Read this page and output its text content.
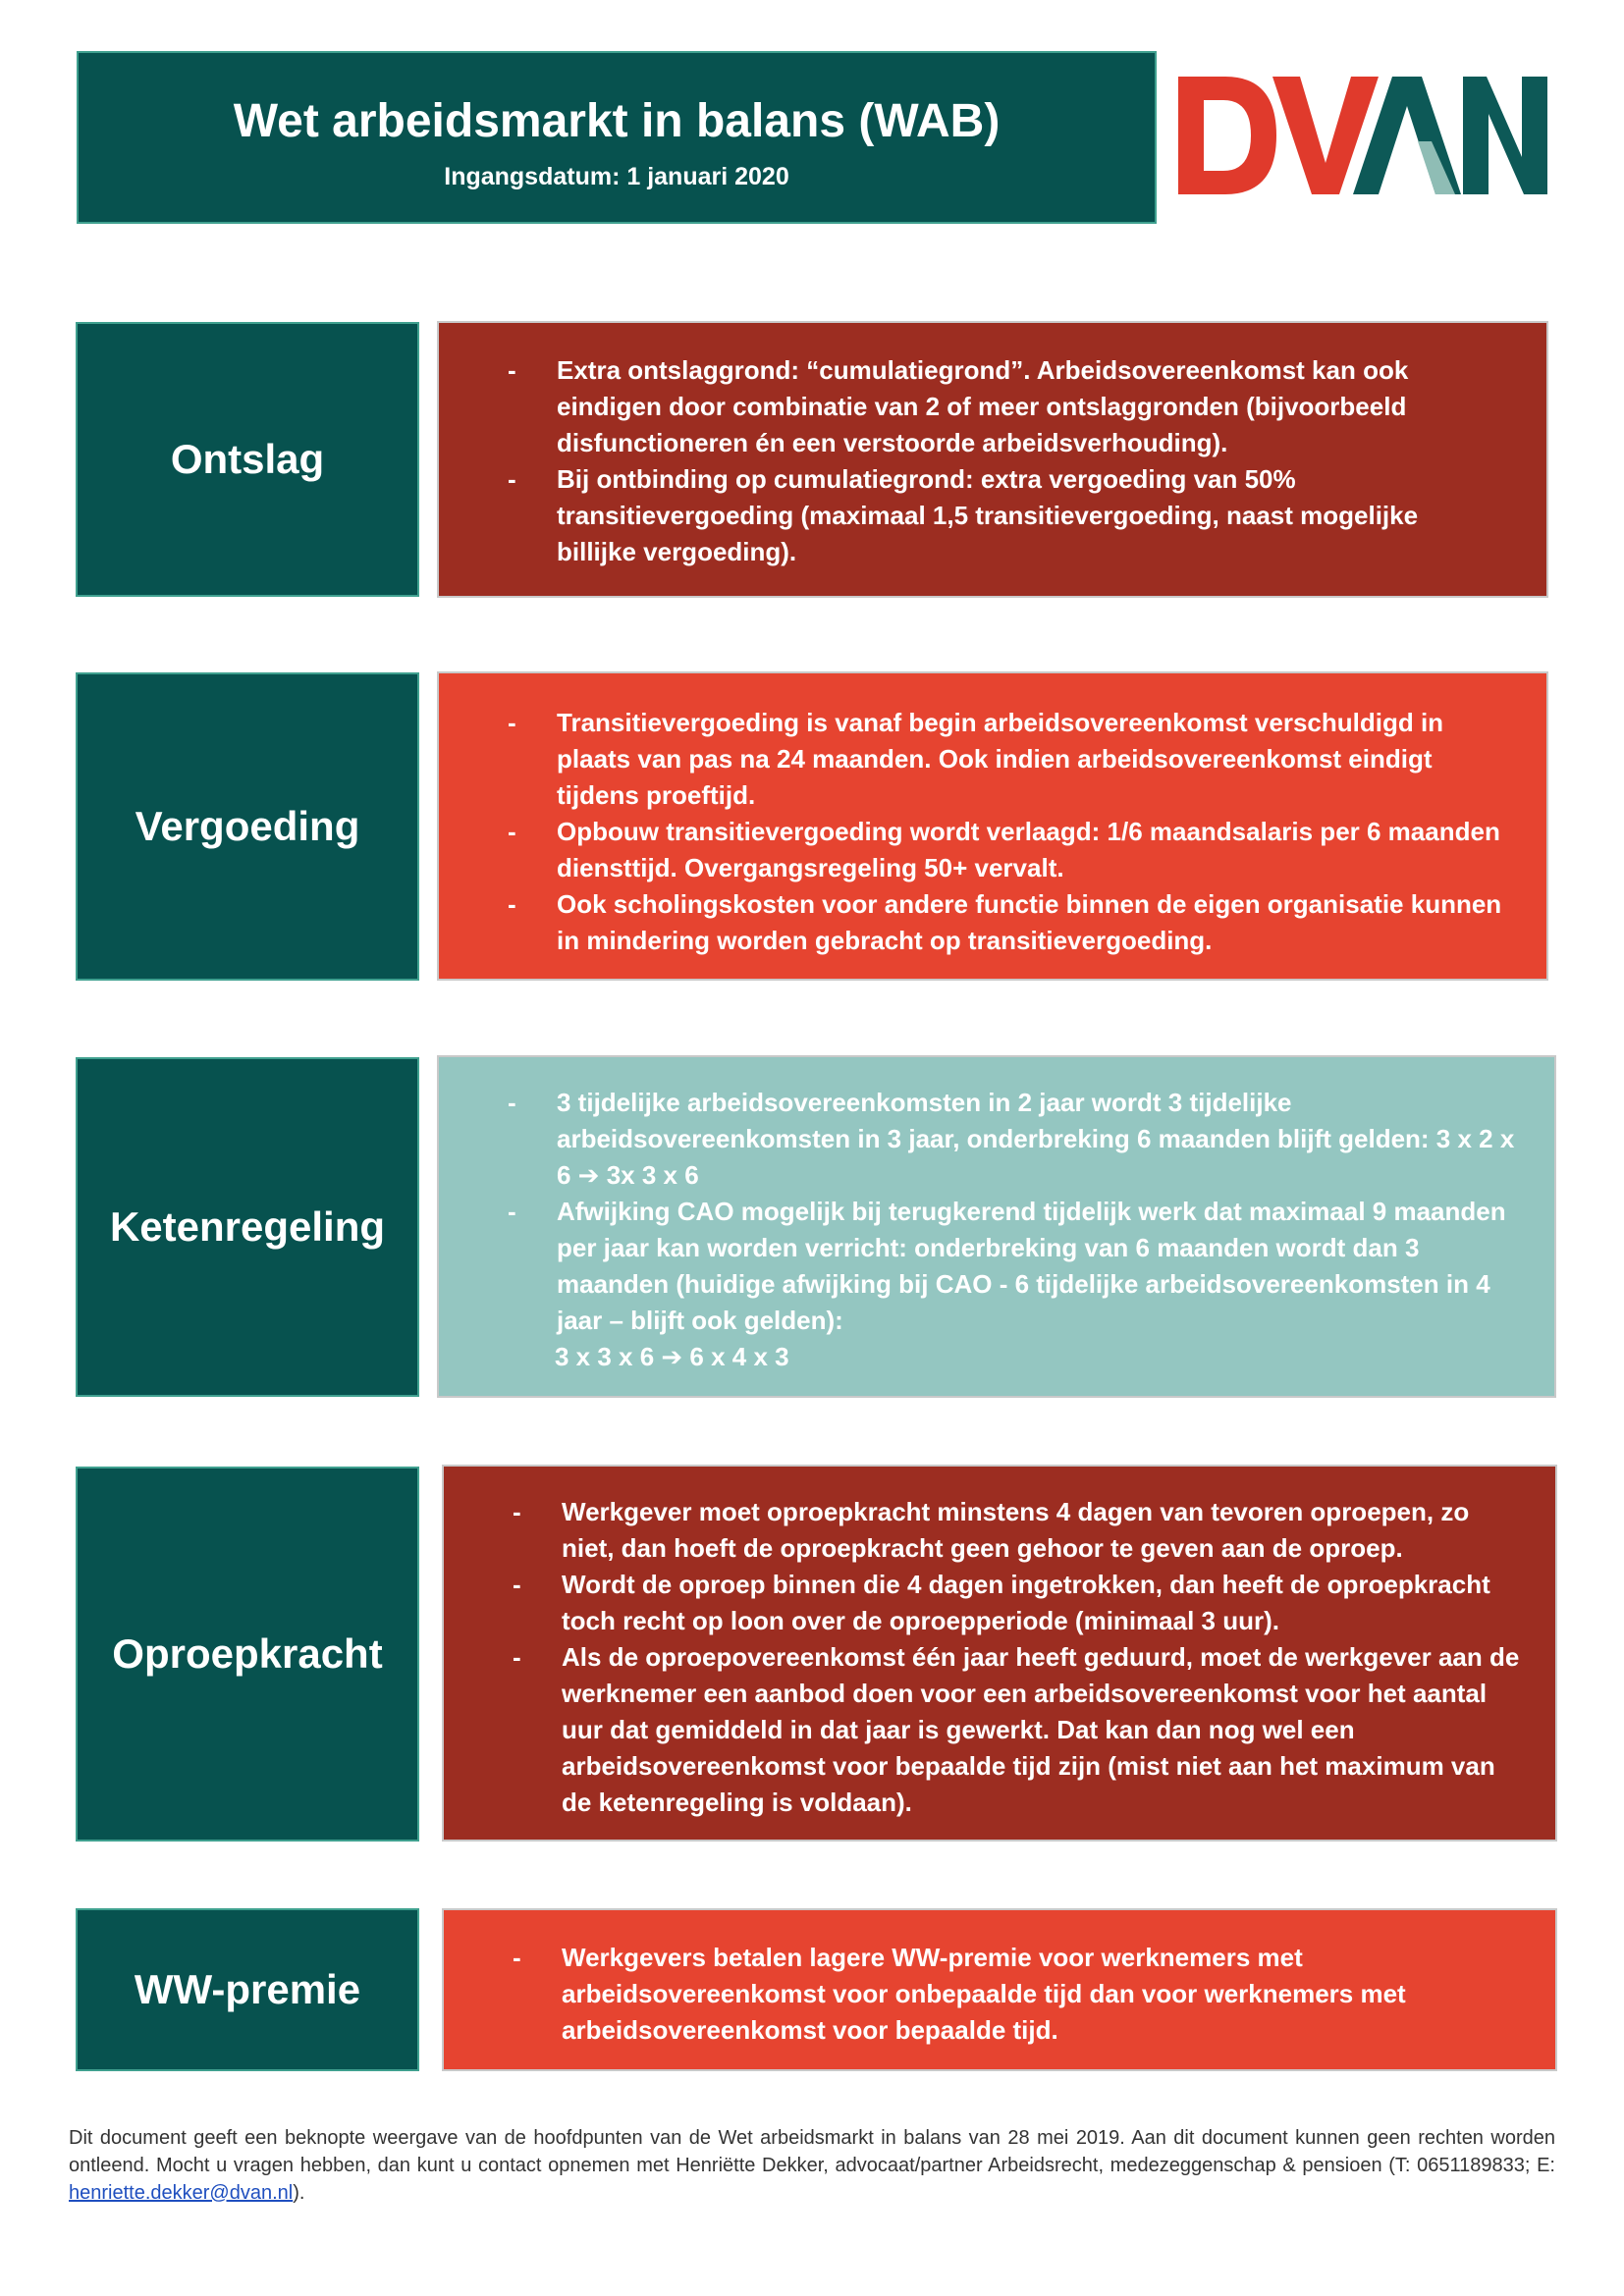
Wet arbeidsmarkt in balans (WAB)
Ingangsdatum: 1 januari 2020
Ontslag
- Extra ontslaggrond: “cumulatiegrond”. Arbeidsovereenkomst kan ook eindigen door combinatie van 2 of meer ontslaggronden (bijvoorbeeld disfunctioneren én een verstoorde arbeidsverhouding).
- Bij ontbinding op cumulatiegrond: extra vergoeding van 50% transitievergoeding (maximaal 1,5 transitievergoeding, naast mogelijke billijke vergoeding).
Vergoeding
- Transitievergoeding is vanaf begin arbeidsovereenkomst verschuldigd in plaats van pas na 24 maanden. Ook indien arbeidsovereenkomst eindigt tijdens proeftijd.
- Opbouw transitievergoeding wordt verlaagd: 1/6 maandsalaris per 6 maanden diensttijd. Overgangsregeling 50+ vervalt.
- Ook scholingskosten voor andere functie binnen de eigen organisatie kunnen in mindering worden gebracht op transitievergoeding.
Ketenregeling
- 3 tijdelijke arbeidsovereenkomsten in 2 jaar wordt 3 tijdelijke arbeidsovereenkomsten in 3 jaar, onderbreking 6 maanden blijft gelden: 3 x 2 x 6 ➔ 3x 3 x 6
- Afwijking CAO mogelijk bij terugkerend tijdelijk werk dat maximaal 9 maanden per jaar kan worden verricht: onderbreking van 6 maanden wordt dan 3 maanden (huidige afwijking bij CAO - 6 tijdelijke arbeidsovereenkomsten in 4 jaar – blijft ook gelden):
3 x 3 x 6 ➔ 6 x 4 x 3
Oproepkracht
- Werkgever moet oproepkracht minstens 4 dagen van tevoren oproepen, zo niet, dan hoeft de oproepkracht geen gehoor te geven aan de oproep.
- Wordt de oproep binnen die 4 dagen ingetrokken, dan heeft de oproepkracht toch recht op loon over de oproepperiode (minimaal 3 uur).
- Als de oproepovereenkomst één jaar heeft geduurd, moet de werkgever aan de werknemer een aanbod doen voor een arbeidsovereenkomst voor het aantal uur dat gemiddeld in dat jaar is gewerkt. Dat kan dan nog wel een arbeidsovereenkomst voor bepaalde tijd zijn (mist niet aan het maximum van de ketenregeling is voldaan).
WW-premie
- Werkgevers betalen lagere WW-premie voor werknemers met arbeidsovereenkomst voor onbepaalde tijd dan voor werknemers met arbeidsovereenkomst voor bepaalde tijd.
Dit document geeft een beknopte weergave van de hoofdpunten van de Wet arbeidsmarkt in balans van 28 mei 2019. Aan dit document kunnen geen rechten worden ontleend. Mocht u vragen hebben, dan kunt u contact opnemen met Henriëtte Dekker, advocaat/partner Arbeidsrecht, medezeggenschap & pensioen (T: 0651189833; E: henriette.dekker@dvan.nl).
